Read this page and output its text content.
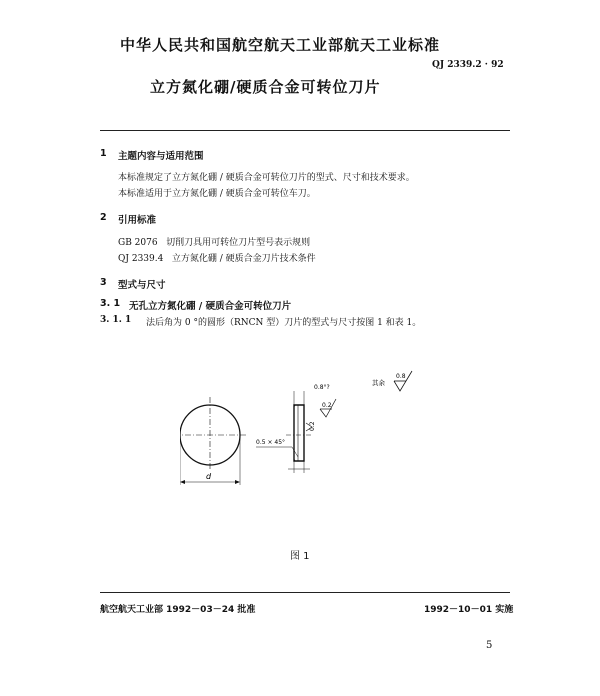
中华人民共和国航空航天工业部航天工业标准
QJ 2339.2 · 92
立方氮化硼/硬质合金可转位刀片
1 主题内容与适用范围
本标准规定了立方氮化硼 / 硬质合金可转位刀片的型式、尺寸和技术要求。
本标准适用于立方氮化硼 / 硬质合金可转位车刀。
2 引用标准
GB 2076   切削刀具用可转位刀片型号表示规则
QJ 2339.4   立方氮化硼 / 硬质合金刀片技术条件
3 型式与尺寸
3. 1 无孔立方氮化硼 / 硬质合金可转位刀片
3. 1. 1 法后角为 0 °的圆形（RNCN 型）刀片的型式与尺寸按图 1 和表 1。
d
0.8°?
0.5 × 45°
0.2
0.2
其余
0.8
图 1
航空航天工业部 1992－03－24 批准	1992－10－01 实施
5
